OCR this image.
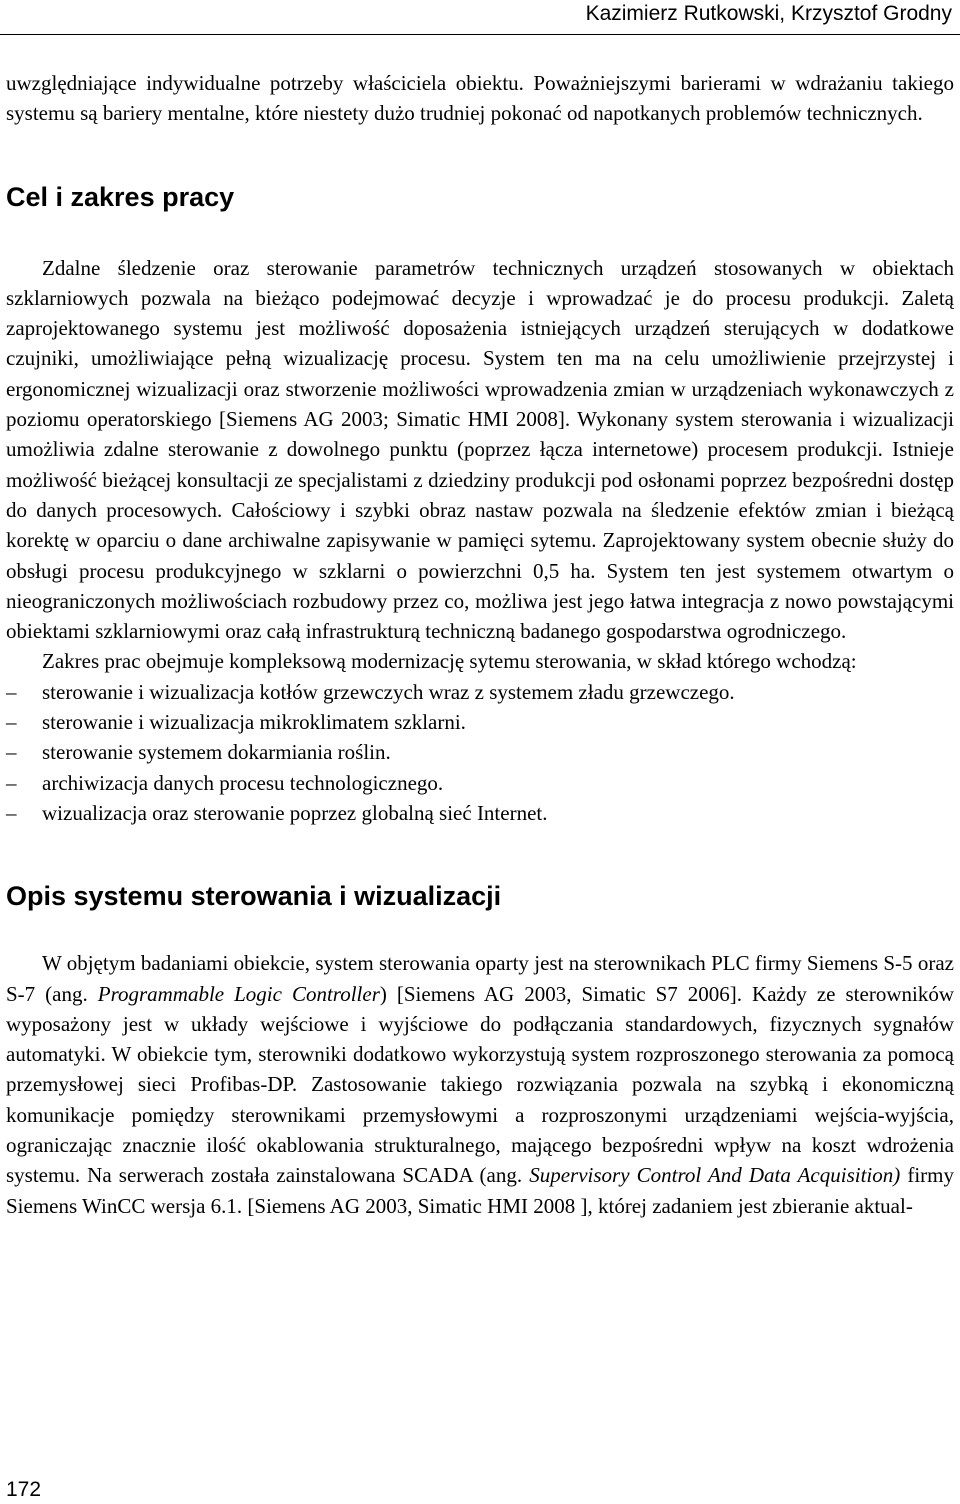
Kazimierz Rutkowski, Krzysztof Grodny

uwzględniające indywidualne potrzeby właściciela obiektu. Poważniejszymi barierami w wdrażaniu takiego systemu są bariery mentalne, które niestety dużo trudniej pokonać od napotkanych problemów technicznych.

Cel i zakres pracy

Zdalne śledzenie oraz sterowanie parametrów technicznych urządzeń stosowanych w obiektach szklarniowych pozwala na bieżąco podejmować decyzje i wprowadzać je do procesu produkcji. Zaletą zaprojektowanego systemu jest możliwość doposażenia istniejących urządzeń sterujących w dodatkowe czujniki, umożliwiające pełną wizualizację procesu. System ten ma na celu umożliwienie przejrzystej i ergonomicznej wizualizacji oraz stworzenie możliwości wprowadzenia zmian w urządzeniach wykonawczych z poziomu operatorskiego [Siemens AG 2003; Simatic HMI 2008]. Wykonany system sterowania i wizualizacji umożliwia zdalne sterowanie z dowolnego punktu (poprzez łącza internetowe) procesem produkcji. Istnieje możliwość bieżącej konsultacji ze specjalistami z dziedziny produkcji pod osłonami poprzez bezpośredni dostęp do danych procesowych. Całościowy i szybki obraz nastaw pozwala na śledzenie efektów zmian i bieżącą korektę w oparciu o dane archiwalne zapisywanie w pamięci sytemu. Zaprojektowany system obecnie służy do obsługi procesu produkcyjnego w szklarni o powierzchni 0,5 ha. System ten jest systemem otwartym o nieograniczonych możliwościach rozbudowy przez co, możliwa jest jego łatwa integracja z nowo powstającymi obiektami szklarniowymi oraz całą infrastrukturą techniczną badanego gospodarstwa ogrodniczego.

Zakres prac obejmuje kompleksową modernizację sytemu sterowania, w skład którego wchodzą:

–	sterowanie i wizualizacja kotłów grzewczych wraz z systemem zładu grzewczego.
–	sterowanie i wizualizacja mikroklimatem szklarni.
–	sterowanie systemem dokarmiania roślin.
–	archiwizacja danych procesu technologicznego.
–	wizualizacja oraz sterowanie poprzez globalną sieć Internet.
Opis systemu sterowania i wizualizacji

W objętym badaniami obiekcie, system sterowania oparty jest na sterownikach PLC firmy Siemens S-5 oraz S-7 (ang. Programmable Logic Controller) [Siemens AG 2003, Simatic S7 2006]. Każdy ze sterowników wyposażony jest w układy wejściowe i wyjściowe do podłączania standardowych, fizycznych sygnałów automatyki. W obiekcie tym, sterowniki dodatkowo wykorzystują system rozproszonego sterowania za pomocą przemysłowej sieci Profibas-DP. Zastosowanie takiego rozwiązania pozwala na szybką i ekonomiczną komunikacje pomiędzy sterownikami przemysłowymi a rozproszonymi urządzeniami wejścia-wyjścia, ograniczając znacznie ilość okablowania strukturalnego, mającego bezpośredni wpływ na koszt wdrożenia systemu. Na serwerach została zainstalowana SCADA (ang. Supervisory Control And Data Acquisition) firmy Siemens WinCC wersja 6.1. [Siemens AG 2003, Simatic HMI 2008 ], której zadaniem jest zbieranie aktual-

172
